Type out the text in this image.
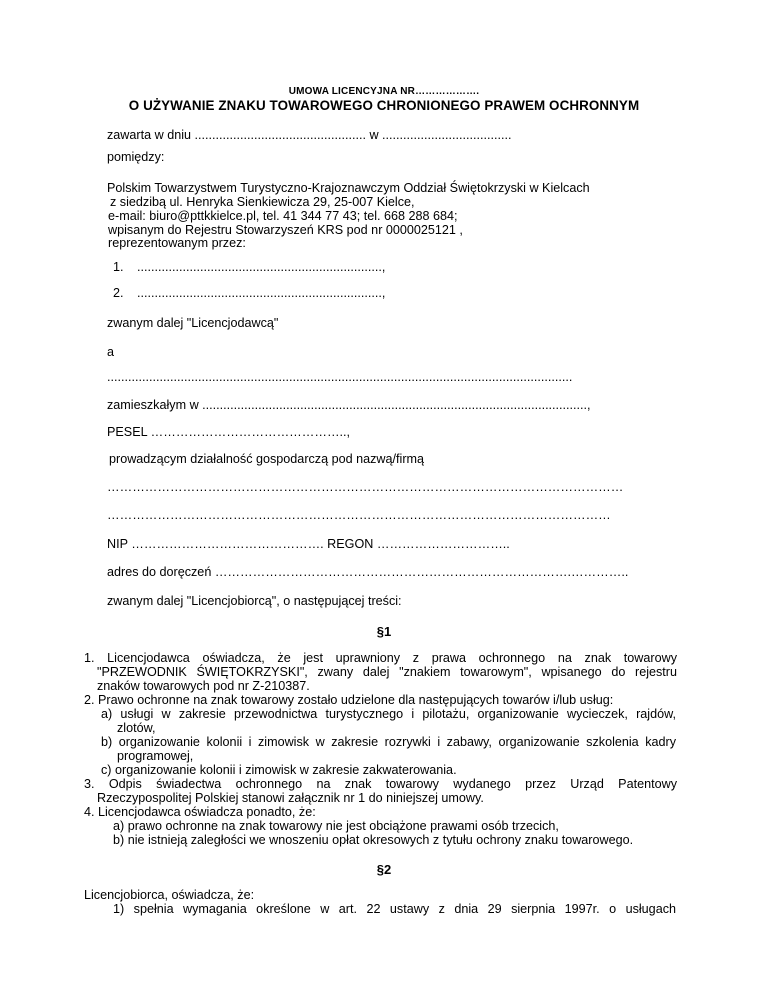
UMOWA LICENCYJNA NR……………….
O UŻYWANIE ZNAKU TOWAROWEGO CHRONIONEGO PRAWEM OCHRONNYM
zawarta w dniu ................................................. w .....................................
pomiędzy:
Polskim Towarzystwem Turystyczno-Krajoznawczym Oddział Świętokrzyski w Kielcach
z siedzibą ul. Henryka Sienkiewicza 29, 25-007 Kielce,
e-mail: biuro@pttkkielce.pl, tel. 41 344 77 43; tel. 668 288 684;
wpisanym do Rejestru Stowarzyszeń KRS pod nr 0000025121 ,
reprezentowanym przez:
1. ......................................................................,
2. ......................................................................,
zwanym dalej "Licencjodawcą"
a
.....................................................................................................................................
zamieszkałym w ..............................................................................................................,
PESEL ………………………………………..,
prowadzącym działalność gospodarczą pod nazwą/firmą
……………………………………………………………………………………………………………
…………………………………………………………………………………………………………
NIP ………………………………………. REGON …………………………..
adres do doręczeń ………………………………………………………………………….…………..
zwanym dalej "Licencjobiorcą", o następującej treści:
§1
1. Licencjodawca oświadcza, że jest uprawniony z prawa ochronnego na znak towarowy
"PRZEWODNIK ŚWIĘTOKRZYSKI", zwany dalej "znakiem towarowym", wpisanego do rejestru
znaków towarowych pod nr Z-210387.
2. Prawo ochronne na znak towarowy zostało udzielone dla następujących towarów i/lub usług:
a) usługi w zakresie przewodnictwa turystycznego i pilotażu, organizowanie wycieczek, rajdów,
zlotów,
b) organizowanie kolonii i zimowisk w zakresie rozrywki i zabawy, organizowanie szkolenia kadry
programowej,
c) organizowanie kolonii i zimowisk w zakresie zakwaterowania.
3. Odpis świadectwa ochronnego na znak towarowy wydanego przez Urząd Patentowy
Rzeczypospolitej Polskiej stanowi załącznik nr 1 do niniejszej umowy.
4. Licencjodawca oświadcza ponadto, że:
a) prawo ochronne na znak towarowy nie jest obciążone prawami osób trzecich,
b) nie istnieją zaległości we wnoszeniu opłat okresowych z tytułu ochrony znaku towarowego.
§2
Licencjobiorca, oświadcza, że:
1) spełnia wymagania określone w art. 22 ustawy z dnia 29 sierpnia 1997r. o usługach
